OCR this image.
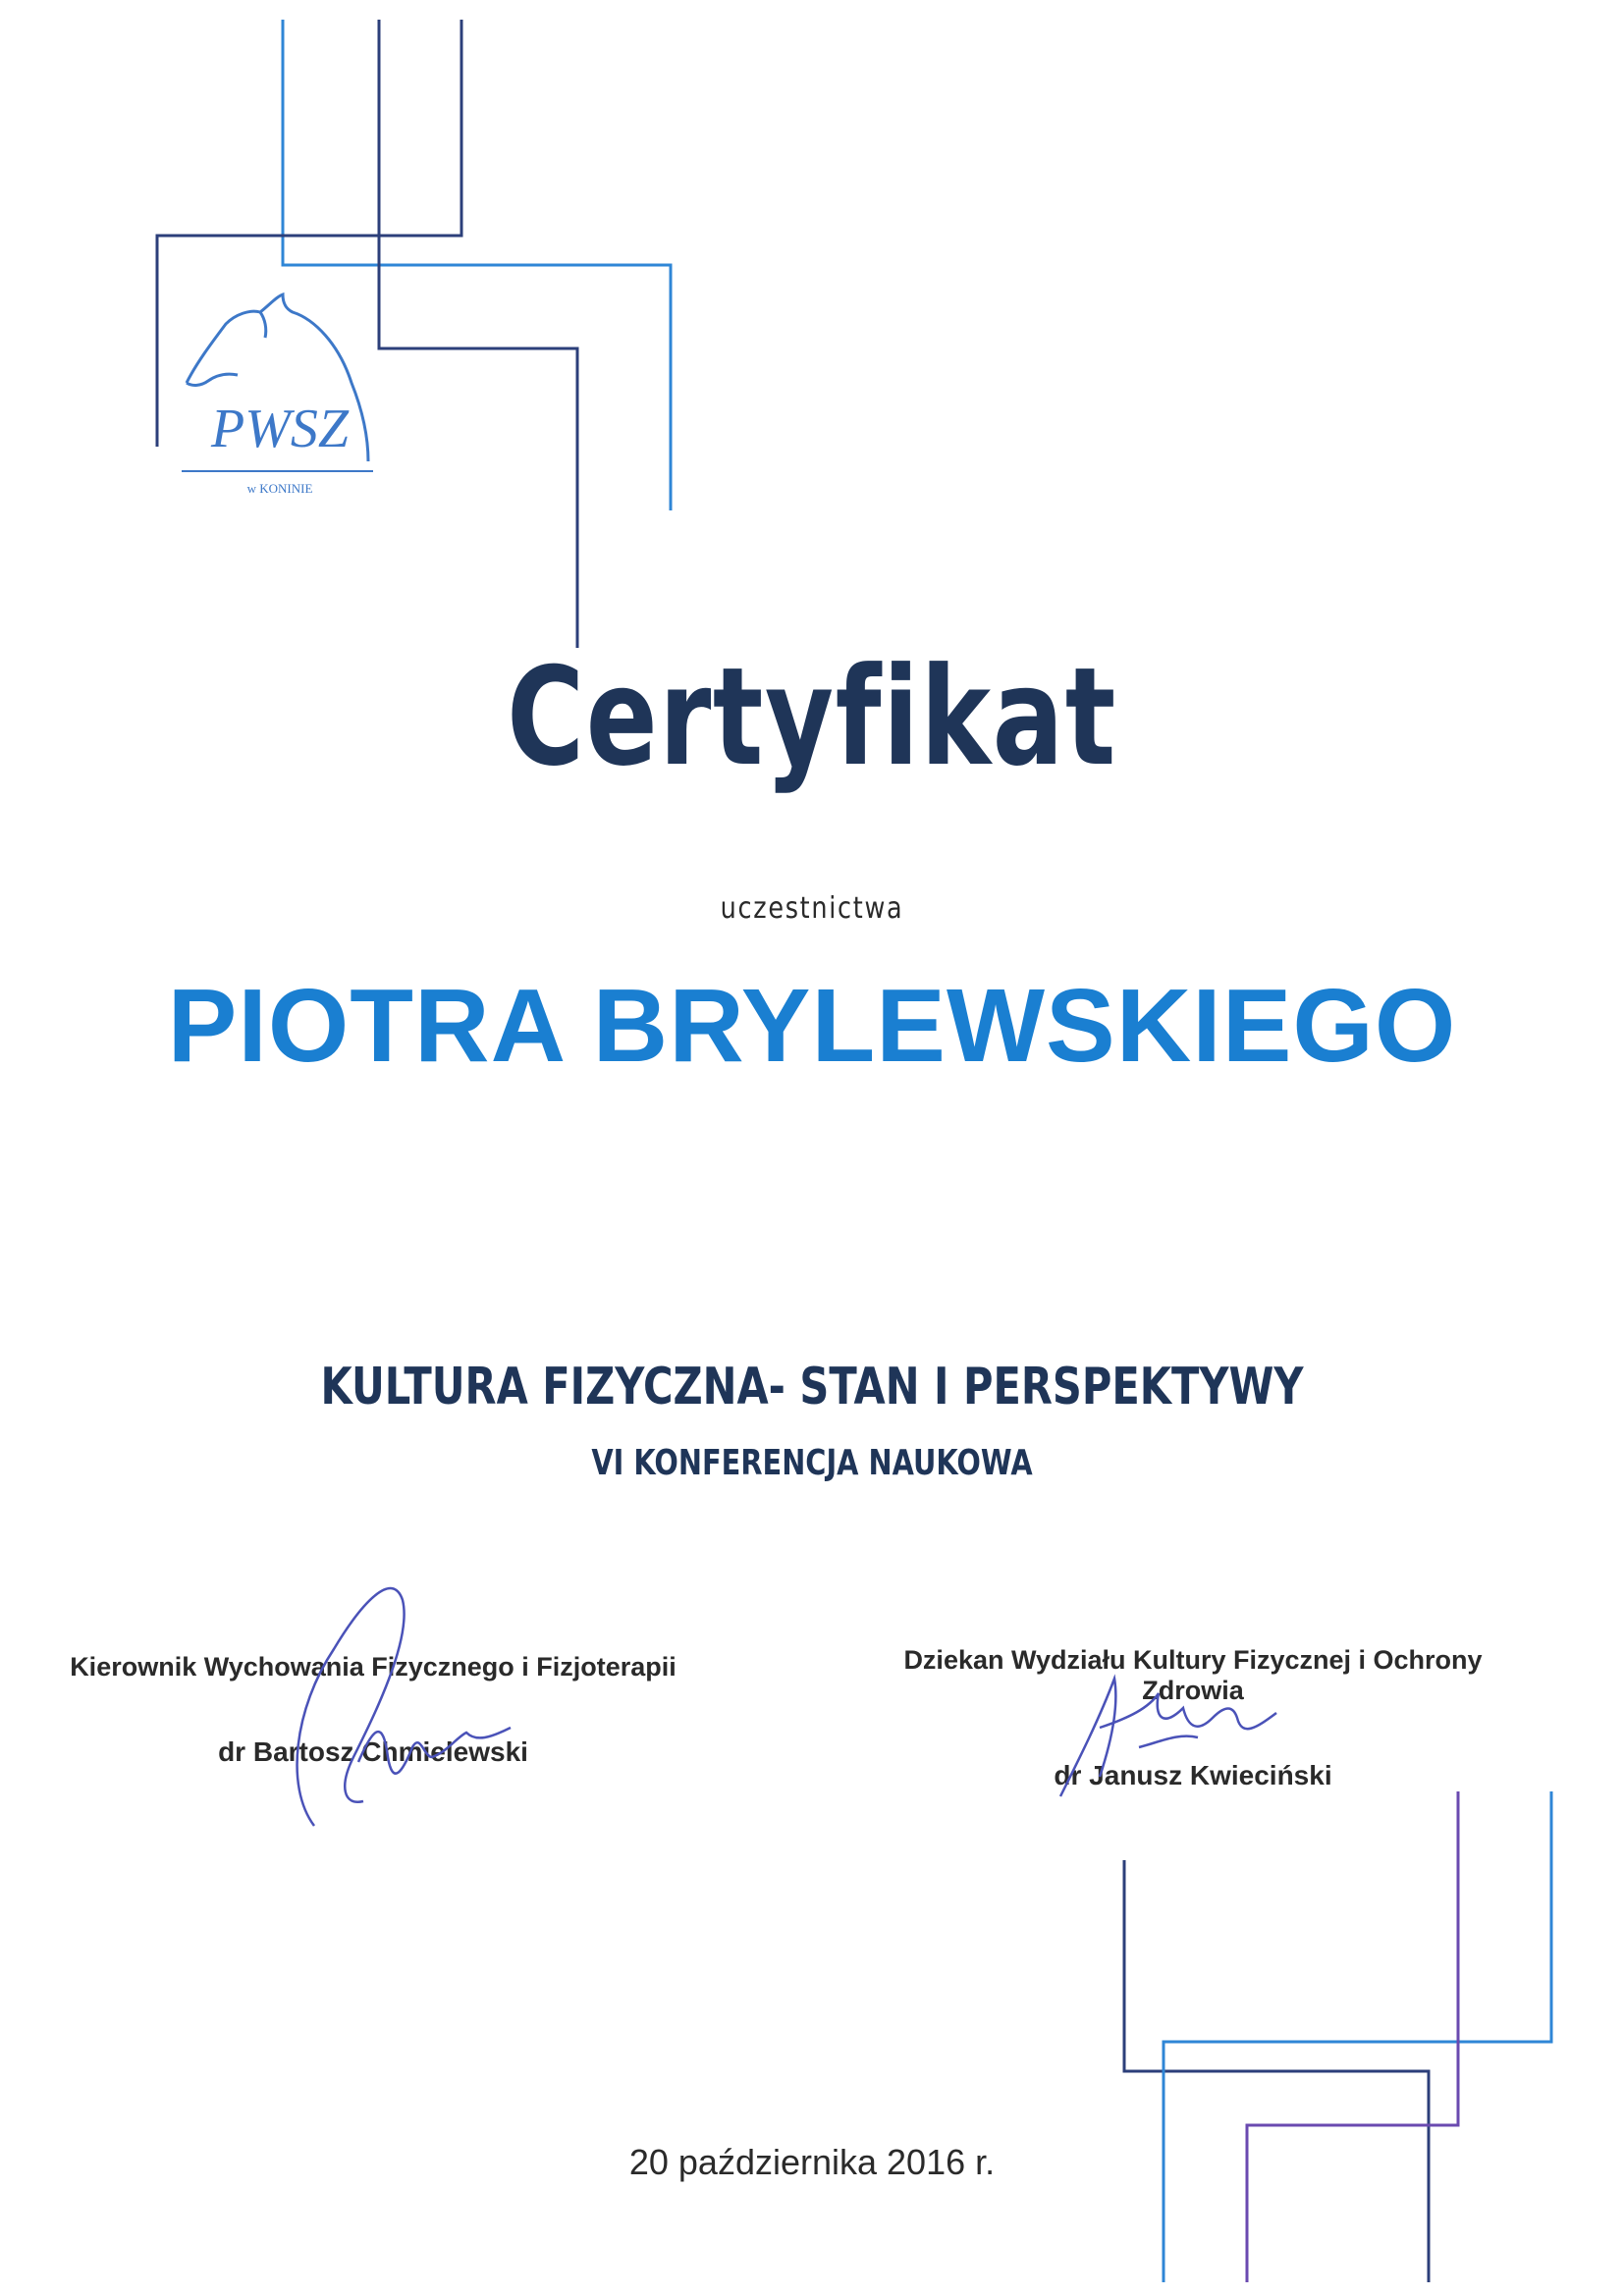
PWSZ
w KONINIE
Certyfikat
uczestnictwa
PIOTRA BRYLEWSKIEGO
KULTURA FIZYCZNA- STAN I PERSPEKTYWY
VI KONFERENCJA NAUKOWA
Kierownik Wychowania Fizycznego i Fizjoterapii
dr Bartosz Chmielewski
Dziekan Wydziału Kultury Fizycznej i Ochrony Zdrowia
dr Janusz Kwieciński
20 października 2016 r.
